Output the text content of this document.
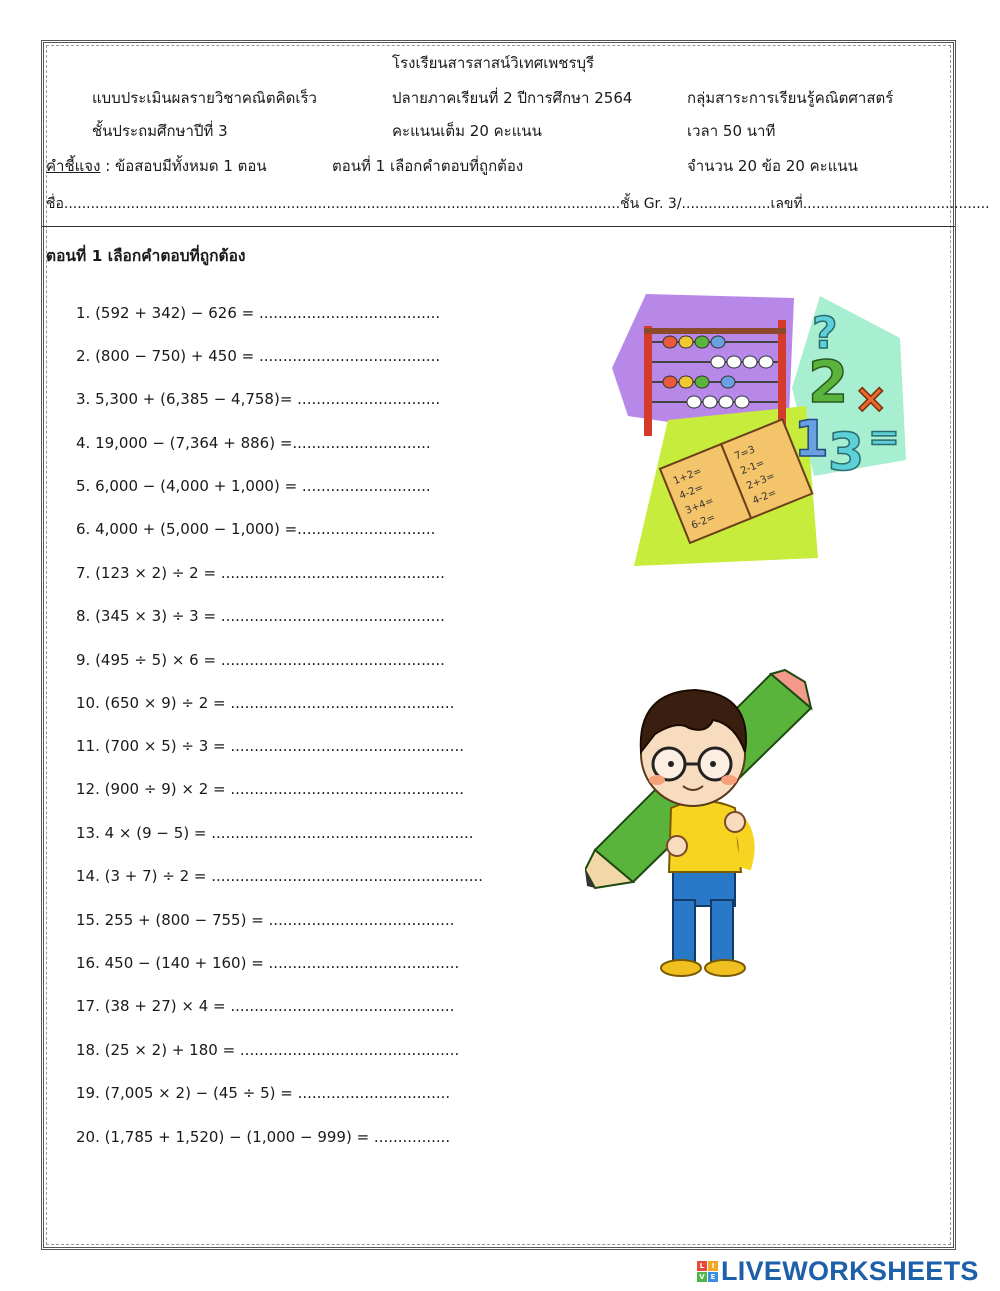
โรงเรียนสารสาสน์วิเทศเพชรบุรี
แบบประเมินผลรายวิชาคณิตคิดเร็ว	ปลายภาคเรียนที่ 2 ปีการศึกษา 2564	กลุ่มสาระการเรียนรู้คณิตศาสตร์
ชั้นประถมศึกษาปีที่ 3	คะแนนเต็ม 20 คะแนน	เวลา 50 นาที
คำชี้แจง : ข้อสอบมีทั้งหมด 1 ตอน	ตอนที่ 1 เลือกคำตอบที่ถูกต้อง	จำนวน 20 ข้อ 20 คะแนน
ชื่อ.............................................................................................................................ชั้น Gr. 3/....................เลขที่..........................................
ตอนที่ 1 เลือกคำตอบที่ถูกต้อง
1. (592 + 342) − 626 = ......................................
2. (800 − 750) + 450 = ......................................
3. 5,300 + (6,385 − 4,758)= ..............................
4. 19,000 − (7,364 + 886) =.............................
5. 6,000 − (4,000 + 1,000) = ...........................
6. 4,000 + (5,000 − 1,000) =.............................
7. (123 × 2) ÷ 2 = ...............................................
8. (345 × 3) ÷ 3 = ...............................................
9. (495 ÷ 5) × 6 = ...............................................
10. (650 × 9) ÷ 2 = ...............................................
11. (700 × 5) ÷ 3 = .................................................
12. (900 ÷ 9) × 2 = .................................................
13. 4 × (9 − 5) = .......................................................
14. (3 + 7) ÷ 2 = .........................................................
15. 255 + (800 − 755) = .......................................
16. 450 − (140 + 160) = ........................................
17. (38 + 27) × 4 = ...............................................
18. (25 × 2) + 180 = ..............................................
19. (7,005 × 2) − (45 ÷ 5) = ................................
20. (1,785 + 1,520) − (1,000 − 999) = ................
1+2=
4-2=
3+4=
6-2=
7=3
2-1=
2+3=
4-2=
?
2 ×
1 3 =
L	I
V E LIVEWORKSHEETS
